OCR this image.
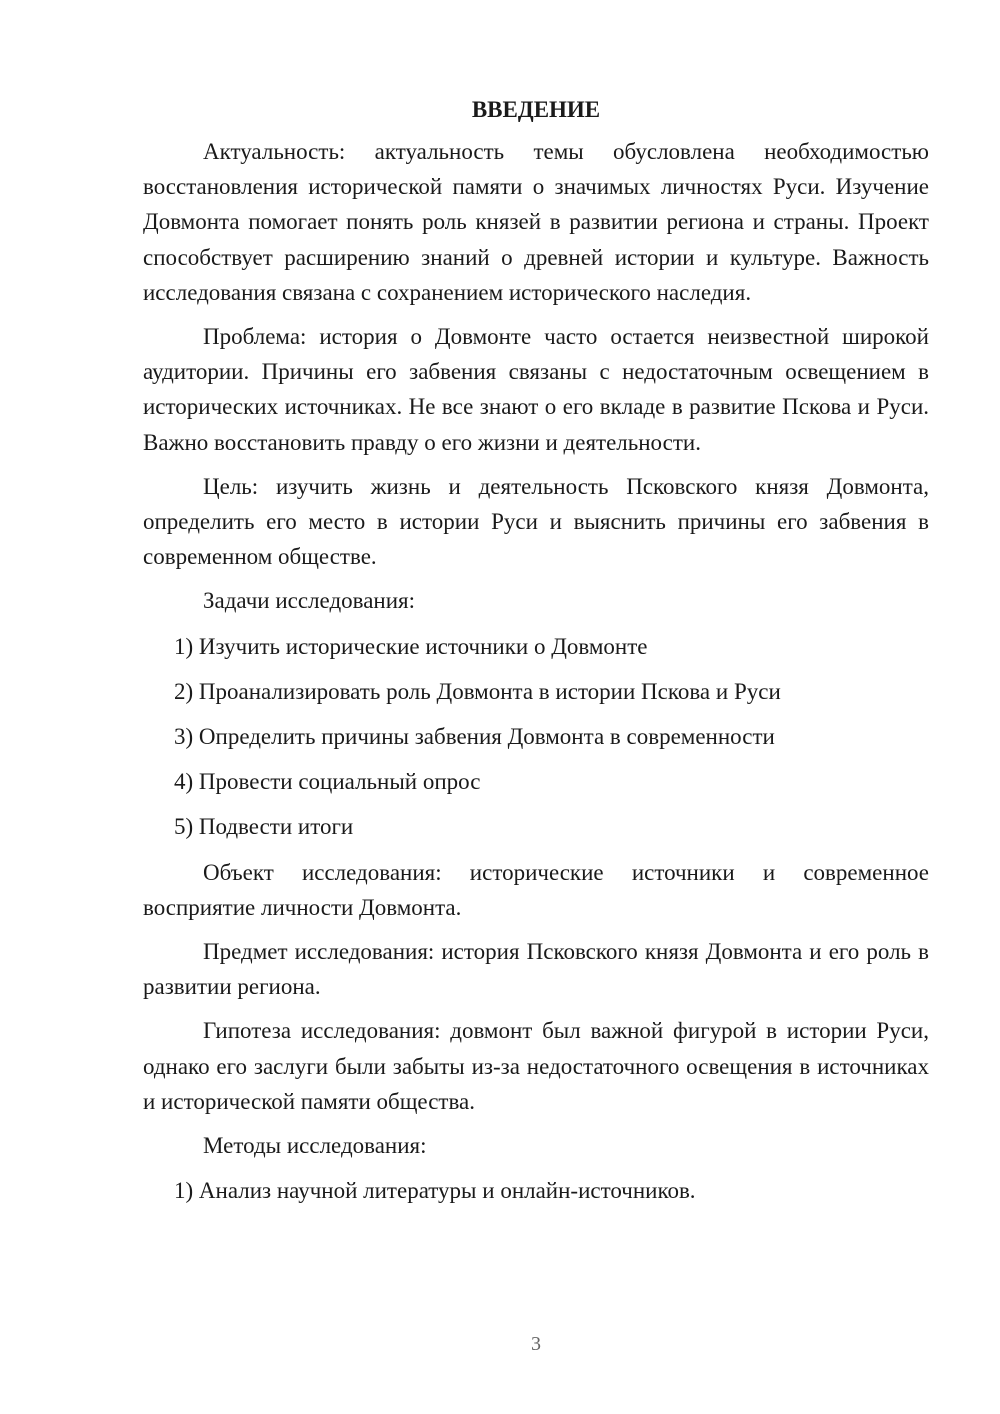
ВВЕДЕНИЕ

Актуальность: актуальность темы обусловлена необходимостью восстановления исторической памяти о значимых личностях Руси. Изучение Довмонта помогает понять роль князей в развитии региона и страны. Проект способствует расширению знаний о древней истории и культуре. Важность исследования связана с сохранением исторического наследия.

Проблема: история о Довмонте часто остается неизвестной широкой аудитории. Причины его забвения связаны с недостаточным освещением в исторических источниках. Не все знают о его вкладе в развитие Пскова и Руси. Важно восстановить правду о его жизни и деятельности.

Цель: изучить жизнь и деятельность Псковского князя Довмонта, определить его место в истории Руси и выяснить причины его забвения в современном обществе.

Задачи исследования:

1) Изучить исторические источники о Довмонте
2) Проанализировать роль Довмонта в истории Пскова и Руси
3) Определить причины забвения Довмонта в современности
4) Провести социальный опрос
5) Подвести итоги

Объект исследования: исторические источники и современное восприятие личности Довмонта.

Предмет исследования: история Псковского князя Довмонта и его роль в развитии региона.

Гипотеза исследования: довмонт был важной фигурой в истории Руси, однако его заслуги были забыты из-за недостаточного освещения в источниках и исторической памяти общества.

Методы исследования:

1) Анализ научной литературы и онлайн-источников.
3
